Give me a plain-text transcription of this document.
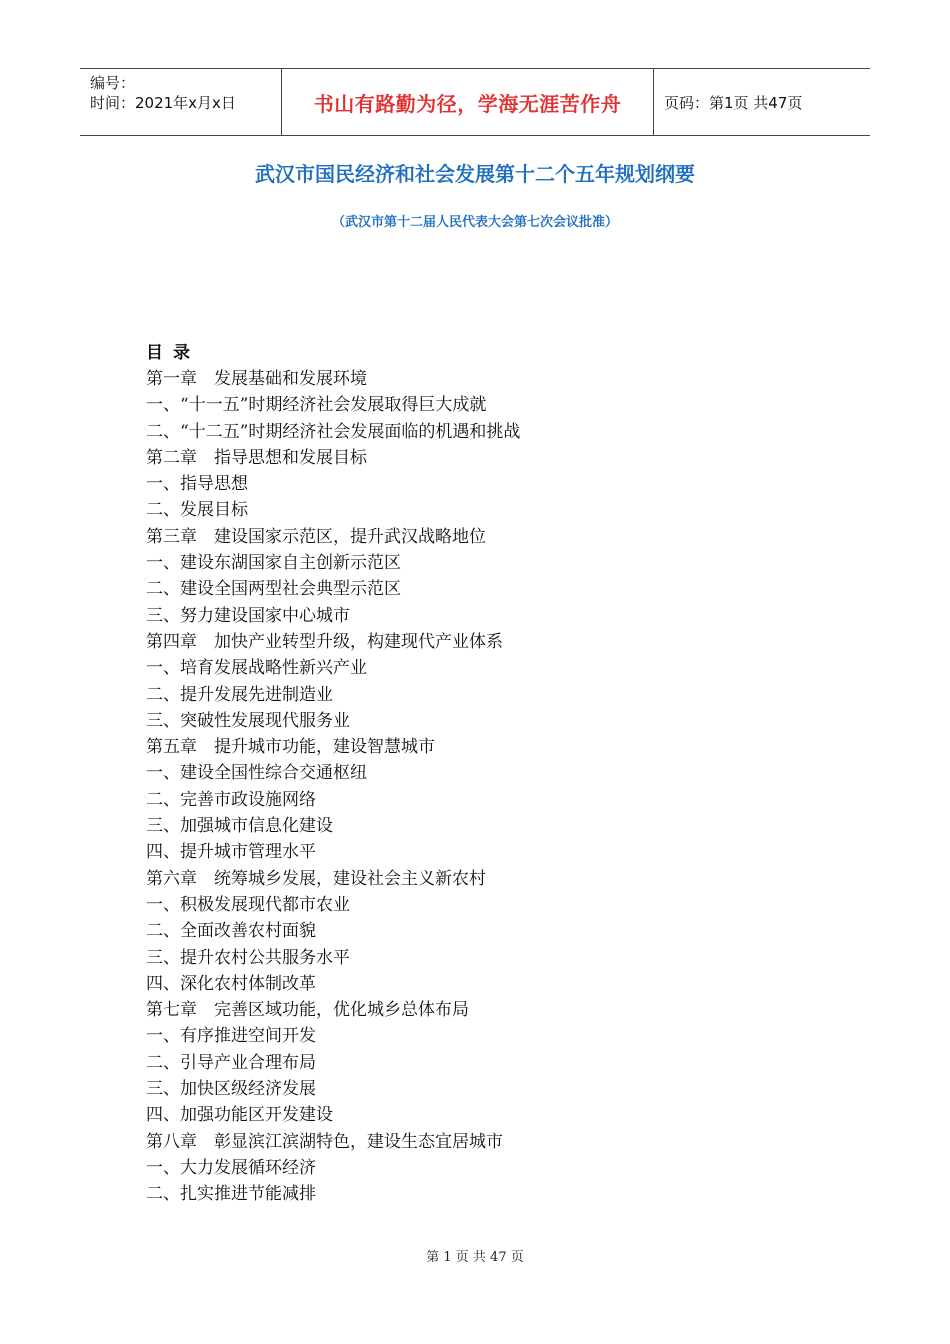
编号：
时间：2021年x月x日	书山有路勤为径，学海无涯苦作舟	页码：第1页 共47页
武汉市国民经济和社会发展第十二个五年规划纲要
（武汉市第十二届人民代表大会第七次会议批准）
目录
第一章　发展基础和发展环境
一、“十一五”时期经济社会发展取得巨大成就
二、“十二五”时期经济社会发展面临的机遇和挑战
第二章　指导思想和发展目标
一、指导思想
二、发展目标
第三章　建设国家示范区，提升武汉战略地位
一、建设东湖国家自主创新示范区
二、建设全国两型社会典型示范区
三、努力建设国家中心城市
第四章　加快产业转型升级，构建现代产业体系
一、培育发展战略性新兴产业
二、提升发展先进制造业
三、突破性发展现代服务业
第五章　提升城市功能，建设智慧城市
一、建设全国性综合交通枢纽
二、完善市政设施网络
三、加强城市信息化建设
四、提升城市管理水平
第六章　统筹城乡发展，建设社会主义新农村
一、积极发展现代都市农业
二、全面改善农村面貌
三、提升农村公共服务水平
四、深化农村体制改革
第七章　完善区域功能，优化城乡总体布局
一、有序推进空间开发
二、引导产业合理布局
三、加快区级经济发展
四、加强功能区开发建设
第八章　彰显滨江滨湖特色，建设生态宜居城市
一、大力发展循环经济
二、扎实推进节能减排
第 1 页 共 47 页
